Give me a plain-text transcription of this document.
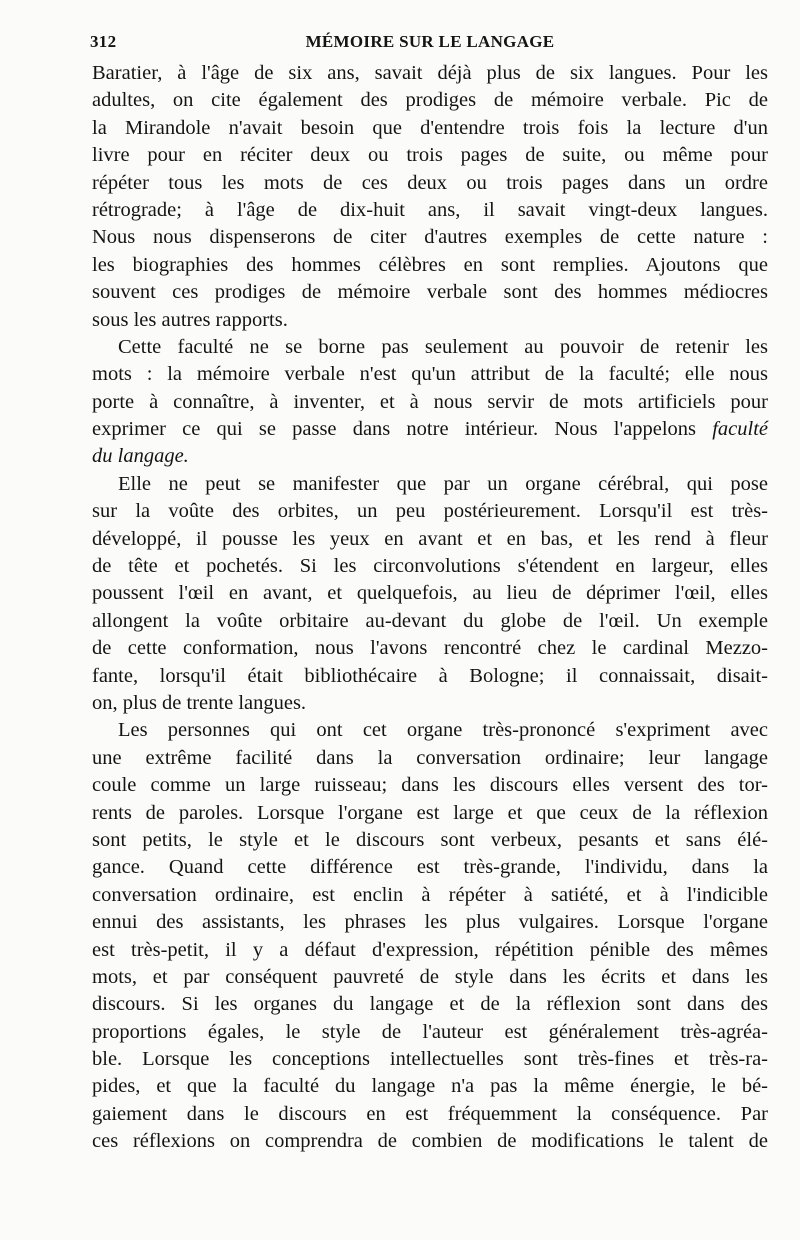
312	MÉMOIRE SUR LE LANGAGE
Baratier, à l'âge de six ans, savait déjà plus de six langues. Pour les
adultes, on cite également des prodiges de mémoire verbale. Pic de
la Mirandole n'avait besoin que d'entendre trois fois la lecture d'un
livre pour en réciter deux ou trois pages de suite, ou même pour
répéter tous les mots de ces deux ou trois pages dans un ordre
rétrograde; à l'âge de dix-huit ans, il savait vingt-deux langues.
Nous nous dispenserons de citer d'autres exemples de cette nature :
les biographies des hommes célèbres en sont remplies. Ajoutons que
souvent ces prodiges de mémoire verbale sont des hommes médiocres
sous les autres rapports.
Cette faculté ne se borne pas seulement au pouvoir de retenir les
mots : la mémoire verbale n'est qu'un attribut de la faculté; elle nous
porte à connaître, à inventer, et à nous servir de mots artificiels pour
exprimer ce qui se passe dans notre intérieur. Nous l'appelons faculté
du langage.
Elle ne peut se manifester que par un organe cérébral, qui pose
sur la voûte des orbites, un peu postérieurement. Lorsqu'il est très-
développé, il pousse les yeux en avant et en bas, et les rend à fleur
de tête et pochetés. Si les circonvolutions s'étendent en largeur, elles
poussent l'œil en avant, et quelquefois, au lieu de déprimer l'œil, elles
allongent la voûte orbitaire au-devant du globe de l'œil. Un exemple
de cette conformation, nous l'avons rencontré chez le cardinal Mezzo-
fante, lorsqu'il était bibliothécaire à Bologne; il connaissait, disait-
on, plus de trente langues.
Les personnes qui ont cet organe très-prononcé s'expriment avec
une extrême facilité dans la conversation ordinaire; leur langage
coule comme un large ruisseau; dans les discours elles versent des tor-
rents de paroles. Lorsque l'organe est large et que ceux de la réflexion
sont petits, le style et le discours sont verbeux, pesants et sans élé-
gance. Quand cette différence est très-grande, l'individu, dans la
conversation ordinaire, est enclin à répéter à satiété, et à l'indicible
ennui des assistants, les phrases les plus vulgaires. Lorsque l'organe
est très-petit, il y a défaut d'expression, répétition pénible des mêmes
mots, et par conséquent pauvreté de style dans les écrits et dans les
discours. Si les organes du langage et de la réflexion sont dans des
proportions égales, le style de l'auteur est généralement très-agréa-
ble. Lorsque les conceptions intellectuelles sont très-fines et très-ra-
pides, et que la faculté du langage n'a pas la même énergie, le bé-
gaiement dans le discours en est fréquemment la conséquence. Par
ces réflexions on comprendra de combien de modifications le talent de
